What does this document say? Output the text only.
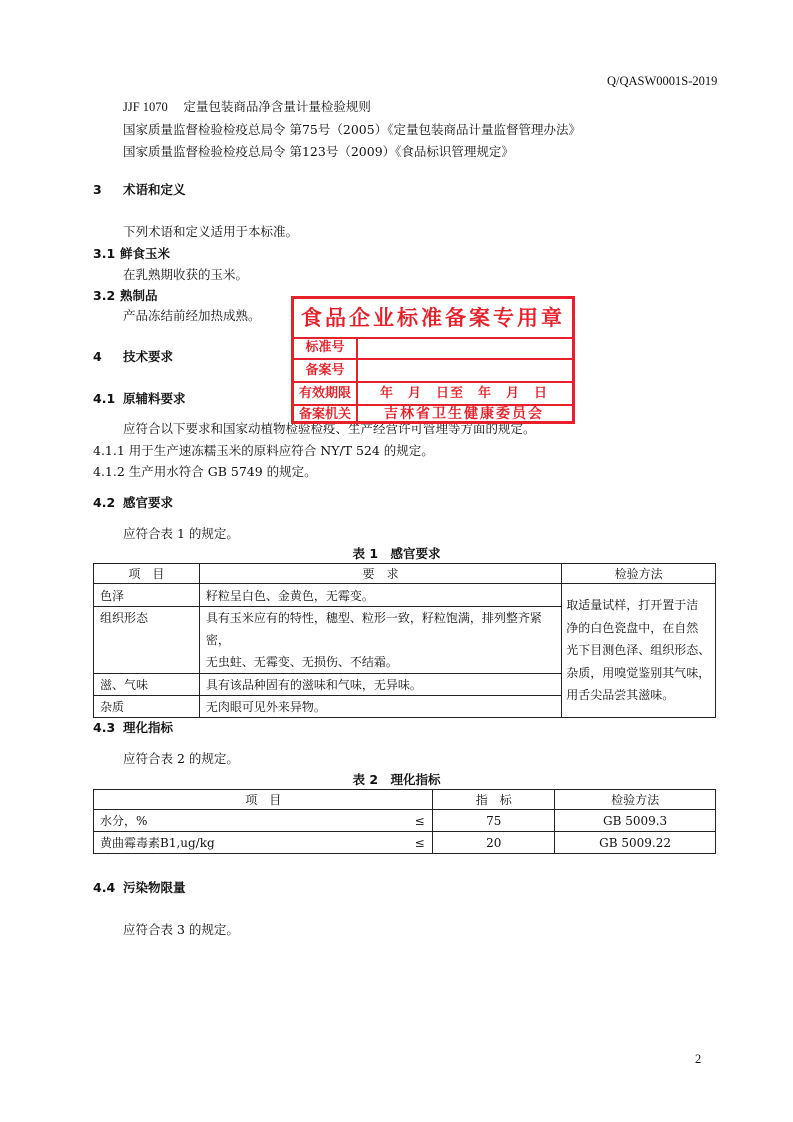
Q/QASW0001S-2019
JJF 1070　 定量包装商品净含量计量检验规则
国家质量监督检验检疫总局令 第75号（2005）《定量包装商品计量监督管理办法》
国家质量监督检验检疫总局令 第123号（2009）《食品标识管理规定》
3 术语和定义
下列术语和定义适用于本标准。
3.1 鲜食玉米
在乳熟期收获的玉米。
3.2 熟制品
产品冻结前经加热成熟。
4 技术要求
4.1 原辅料要求
应符合以下要求和国家动植物检验检疫、生产经营许可管理等方面的规定。
4.1.1 用于生产速冻糯玉米的原料应符合 NY/T 524 的规定。
4.1.2 生产用水符合 GB 5749 的规定。
4.2 感官要求
应符合表 1 的规定。
表 1　感官要求
项　目	要　求	检验方法
色泽	籽粒呈白色、金黄色，无霉变。	取适量试样，打开置于洁
净的白色瓷盘中，在自然
光下目测色泽、组织形态、
杂质，用嗅觉鉴别其气味，
用舌尖品尝其滋味。

组织形态	具有玉米应有的特性，穗型、粒形一致，籽粒饱满，排列整齐紧密，
无虫蛀、无霉变、无损伤、不结霜。	

滋、气味	具有该品种固有的滋味和气味，无异味。	
杂质	无肉眼可见外来异物。	
4.3 理化指标
应符合表 2 的规定。
表 2　理化指标
项　目		指　标	检验方法
水分，%	≤	75	GB 5009.3
黄曲霉毒素B1,ug/kg	≤	20	GB 5009.22
4.4 污染物限量
应符合表 3 的规定。
食品企业标准备案专用章
标准号
备案号
有效期限	年　月　日至　年　月　日
备案机关	吉林省卫生健康委员会
2
